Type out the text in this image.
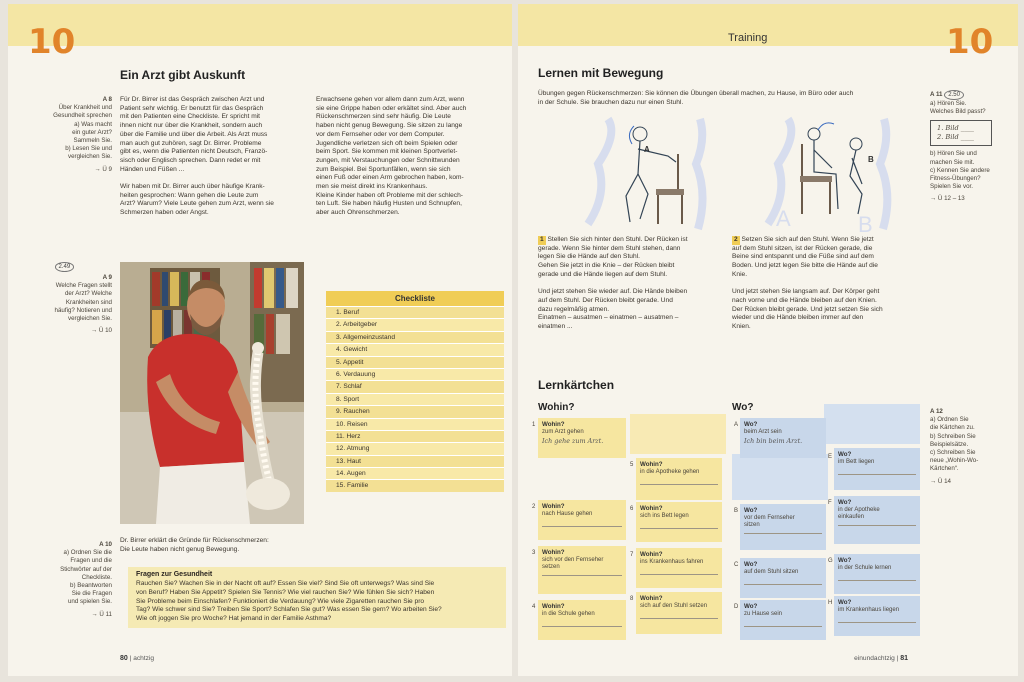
10
Ein Arzt gibt Auskunft
A 8
Über Krankheit und
Gesundheit sprechen
a) Was macht
ein guter Arzt?
Sammeln Sie.
b) Lesen Sie und
vergleichen Sie.
→ Ü 9
Für Dr. Birrer ist das Gespräch zwischen Arzt und
Patient sehr wichtig. Er benutzt für das Gespräch
mit den Patienten eine Checkliste. Er spricht mit
ihnen nicht nur über die Krankheit, sondern auch
über die Familie und über die Arbeit. Als Arzt muss
man auch gut zuhören, sagt Dr. Birrer. Probleme
gibt es, wenn die Patienten nicht Deutsch, Franzö-
sisch oder Englisch sprechen. Dann redet er mit
Händen und Füßen ...
Wir haben mit Dr. Birrer auch über häufige Krank-
heiten gesprochen: Wann gehen die Leute zum
Arzt? Warum? Viele Leute gehen zum Arzt, wenn sie
Schmerzen haben oder Angst.
Erwachsene gehen vor allem dann zum Arzt, wenn
sie eine Grippe haben oder erkältet sind. Aber auch
Rückenschmerzen sind sehr häufig. Die Leute
haben nicht genug Bewegung. Sie sitzen zu lange
vor dem Fernseher oder vor dem Computer.
Jugendliche verletzen sich oft beim Spielen oder
beim Sport. Sie kommen mit kleinen Sportverlet-
zungen, mit Verstauchungen oder Schnittwunden
zum Beispiel. Bei Sportunfällen, wenn sie sich
einen Fuß oder einen Arm gebrochen haben, kom-
men sie meist direkt ins Krankenhaus.
Kleine Kinder haben oft Probleme mit der schlech-
ten Luft. Sie haben häufig Husten und Schnupfen,
aber auch Ohrenschmerzen.
2.49
A 9
Welche Fragen stellt
der Arzt? Welche
Krankheiten sind
häufig? Notieren und
vergleichen Sie.
→ Ü 10
Checkliste
1. Beruf
2. Arbeitgeber
3. Allgemeinzustand
4. Gewicht
5. Appetit
6. Verdauung
7. Schlaf
8. Sport
9. Rauchen
10. Reisen
11. Herz
12. Atmung
13. Haut
14. Augen
15. Familie
Dr. Birrer erklärt die Gründe für Rückenschmerzen:
Die Leute haben nicht genug Bewegung.
A 10
a) Ordnen Sie die
Fragen und die
Stichwörter auf der
Checkliste.
b) Beantworten
Sie die Fragen
und spielen Sie.
→ Ü 11
Fragen zur Gesundheit
Rauchen Sie? Wachen Sie in der Nacht oft auf? Essen Sie viel? Sind Sie oft unterwegs? Was sind Sie
von Beruf? Haben Sie Appetit? Spielen Sie Tennis? Wie viel rauchen Sie? Wie fühlen Sie sich? Haben
Sie Probleme beim Einschlafen? Funktioniert die Verdauung? Wie viele Zigaretten rauchen Sie pro
Tag? Wie schwer sind Sie? Treiben Sie Sport? Schlafen Sie gut? Was essen Sie gern? Wo arbeiten Sie?
Wie oft joggen Sie pro Woche? Hat jemand in der Familie Asthma?
80 | achtzig
Training	10
Lernen mit Bewegung
Übungen gegen Rückenschmerzen: Sie können die Übungen überall machen, zu Hause, im Büro oder auch
in der Schule. Sie brauchen dazu nur einen Stuhl.
A 11 2.50
a) Hören Sie.
Welches Bild passt?
1. Bild ____
2. Bild ____
b) Hören Sie und
machen Sie mit.
c) Kennen Sie andere
Fitness-Übungen?
Spielen Sie vor.
→ Ü 12 – 13
A
A	B
B
1 Stellen Sie sich hinter den Stuhl. Der Rücken ist
gerade. Wenn Sie hinter dem Stuhl stehen, dann
legen Sie die Hände auf den Stuhl.
Gehen Sie jetzt in die Knie – der Rücken bleibt
gerade und die Hände liegen auf dem Stuhl.
Und jetzt stehen Sie wieder auf. Die Hände bleiben
auf dem Stuhl. Der Rücken bleibt gerade. Und
dazu regelmäßig atmen.
Einatmen – ausatmen – einatmen – ausatmen –
einatmen ...
2 Setzen Sie sich auf den Stuhl. Wenn Sie jetzt
auf dem Stuhl sitzen, ist der Rücken gerade, die
Beine sind entspannt und die Füße sind auf dem
Boden. Und jetzt legen Sie bitte die Hände auf die
Knie.
Und jetzt stehen Sie langsam auf. Der Körper geht
nach vorne und die Hände bleiben auf den Knien.
Der Rücken bleibt gerade. Und jetzt setzen Sie sich
wieder und die Hände bleiben immer auf den
Knien.
Lernkärtchen
Wohin?	Wo?
1 Wohin?
zum Arzt gehen
Ich gehe zum Arzt.
2 Wohin?
nach Hause gehen
3 Wohin?
sich vor den Fernseher
setzen
4 Wohin?
in die Schule gehen
5 Wohin?
in die Apotheke gehen
6 Wohin?
sich ins Bett legen
7 Wohin?
ins Krankenhaus fahren
8 Wohin?
sich auf den Stuhl setzen
A Wo?
beim Arzt sein
Ich bin beim Arzt.
B Wo?
vor dem Fernseher
sitzen
C Wo?
auf dem Stuhl sitzen
D Wo?
zu Hause sein
E Wo?
im Bett liegen
F Wo?
in der Apotheke
einkaufen
G Wo?
in der Schule lernen
H Wo?
im Krankenhaus liegen
A 12
a) Ordnen Sie
die Kärtchen zu.
b) Schreiben Sie
Beispielsätze.
c) Schreiben Sie
neue „Wohin-Wo-
Kärtchen“.
→ Ü 14
einundachtzig | 81
